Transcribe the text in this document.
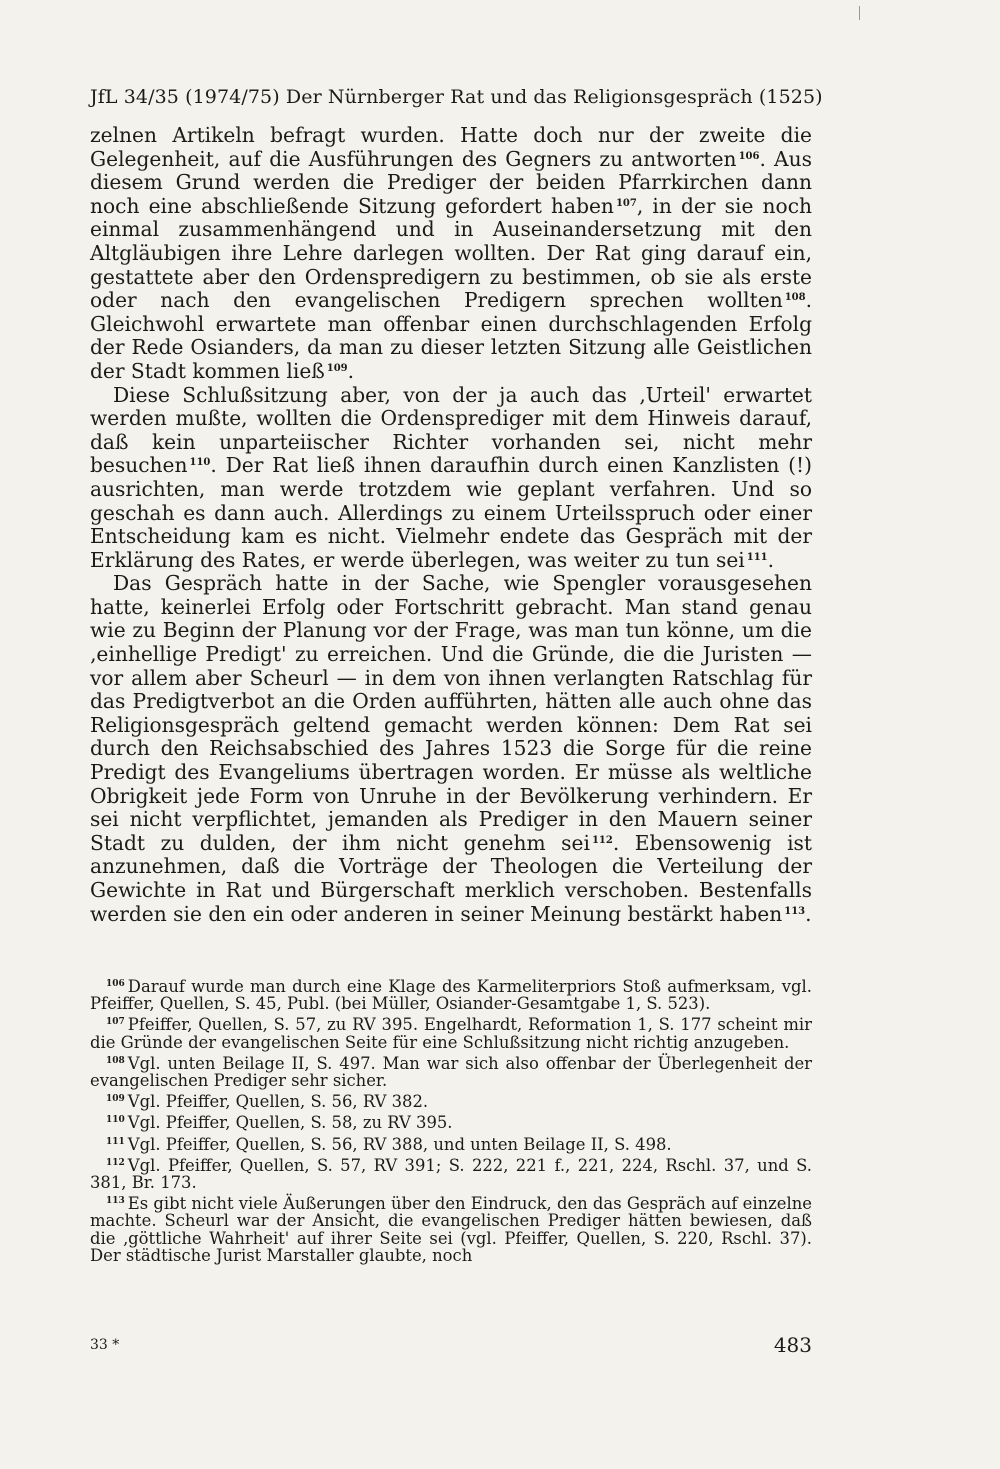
JfL 34/35 (1974/75) Der Nürnberger Rat und das Religionsgespräch (1525)

zelnen Artikeln befragt wurden. Hatte doch nur der zweite die Gelegenheit, auf die Ausführungen des Gegners zu antworten $^{106}$. Aus diesem Grund werden die Prediger der beiden Pfarrkirchen dann noch eine abschließende Sitzung gefordert haben $^{107}$, in der sie noch einmal zusammenhängend und in Auseinandersetzung mit den Altgläubigen ihre Lehre darlegen wollten. Der Rat ging darauf ein, gestattete aber den Ordenspredigern zu bestimmen, ob sie als erste oder nach den evangelischen Predigern sprechen wollten $^{108}$. Gleichwohl erwartete man offenbar einen durchschlagenden Erfolg der Rede Osianders, da man zu dieser letzten Sitzung alle Geistlichen der Stadt kommen ließ $^{109}$.

Diese Schlußsitzung aber, von der ja auch das ‚Urteil' erwartet werden mußte, wollten die Ordensprediger mit dem Hinweis darauf, daß kein unparteiischer Richter vorhanden sei, nicht mehr besuchen $^{110}$. Der Rat ließ ihnen daraufhin durch einen Kanzlisten (!) ausrichten, man werde trotzdem wie geplant verfahren. Und so geschah es dann auch. Allerdings zu einem Urteilsspruch oder einer Entscheidung kam es nicht. Vielmehr endete das Gespräch mit der Erklärung des Rates, er werde überlegen, was weiter zu tun sei $^{111}$.

Das Gespräch hatte in der Sache, wie Spengler vorausgesehen hatte, keinerlei Erfolg oder Fortschritt gebracht. Man stand genau wie zu Beginn der Planung vor der Frage, was man tun könne, um die ‚einhellige Predigt' zu erreichen. Und die Gründe, die die Juristen — vor allem aber Scheurl — in dem von ihnen verlangten Ratschlag für das Predigtverbot an die Orden aufführten, hätten alle auch ohne das Religionsgespräch geltend gemacht werden können: Dem Rat sei durch den Reichsabschied des Jahres 1523 die Sorge für die reine Predigt des Evangeliums übertragen worden. Er müsse als weltliche Obrigkeit jede Form von Unruhe in der Bevölkerung verhindern. Er sei nicht verpflichtet, jemanden als Prediger in den Mauern seiner Stadt zu dulden, der ihm nicht genehm sei $^{112}$. Ebensowenig ist anzunehmen, daß die Vorträge der Theologen die Verteilung der Gewichte in Rat und Bürgerschaft merklich verschoben. Bestenfalls werden sie den ein oder anderen in seiner Meinung bestärkt haben $^{113}$.

$^{106}$ Darauf wurde man durch eine Klage des Karmeliterpriors Stoß aufmerksam, vgl. Pfeiffer, Quellen, S. 45, Publ. (bei Müller, Osiander-Gesamtgabe 1, S. 523).

$^{107}$ Pfeiffer, Quellen, S. 57, zu RV 395. Engelhardt, Reformation 1, S. 177 scheint mir die Gründe der evangelischen Seite für eine Schlußsitzung nicht richtig anzugeben.

$^{108}$ Vgl. unten Beilage II, S. 497. Man war sich also offenbar der Überlegenheit der evangelischen Prediger sehr sicher.

$^{109}$ Vgl. Pfeiffer, Quellen, S. 56, RV 382.

$^{110}$ Vgl. Pfeiffer, Quellen, S. 58, zu RV 395.

$^{111}$ Vgl. Pfeiffer, Quellen, S. 56, RV 388, und unten Beilage II, S. 498.

$^{112}$ Vgl. Pfeiffer, Quellen, S. 57, RV 391; S. 222, 221 f., 221, 224, Rschl. 37, und S. 381, Br. 173.

$^{113}$ Es gibt nicht viele Äußerungen über den Eindruck, den das Gespräch auf einzelne machte. Scheurl war der Ansicht, die evangelischen Prediger hätten bewiesen, daß die ‚göttliche Wahrheit' auf ihrer Seite sei (vgl. Pfeiffer, Quellen, S. 220, Rschl. 37). Der städtische Jurist Marstaller glaubte, noch

33 *	483
